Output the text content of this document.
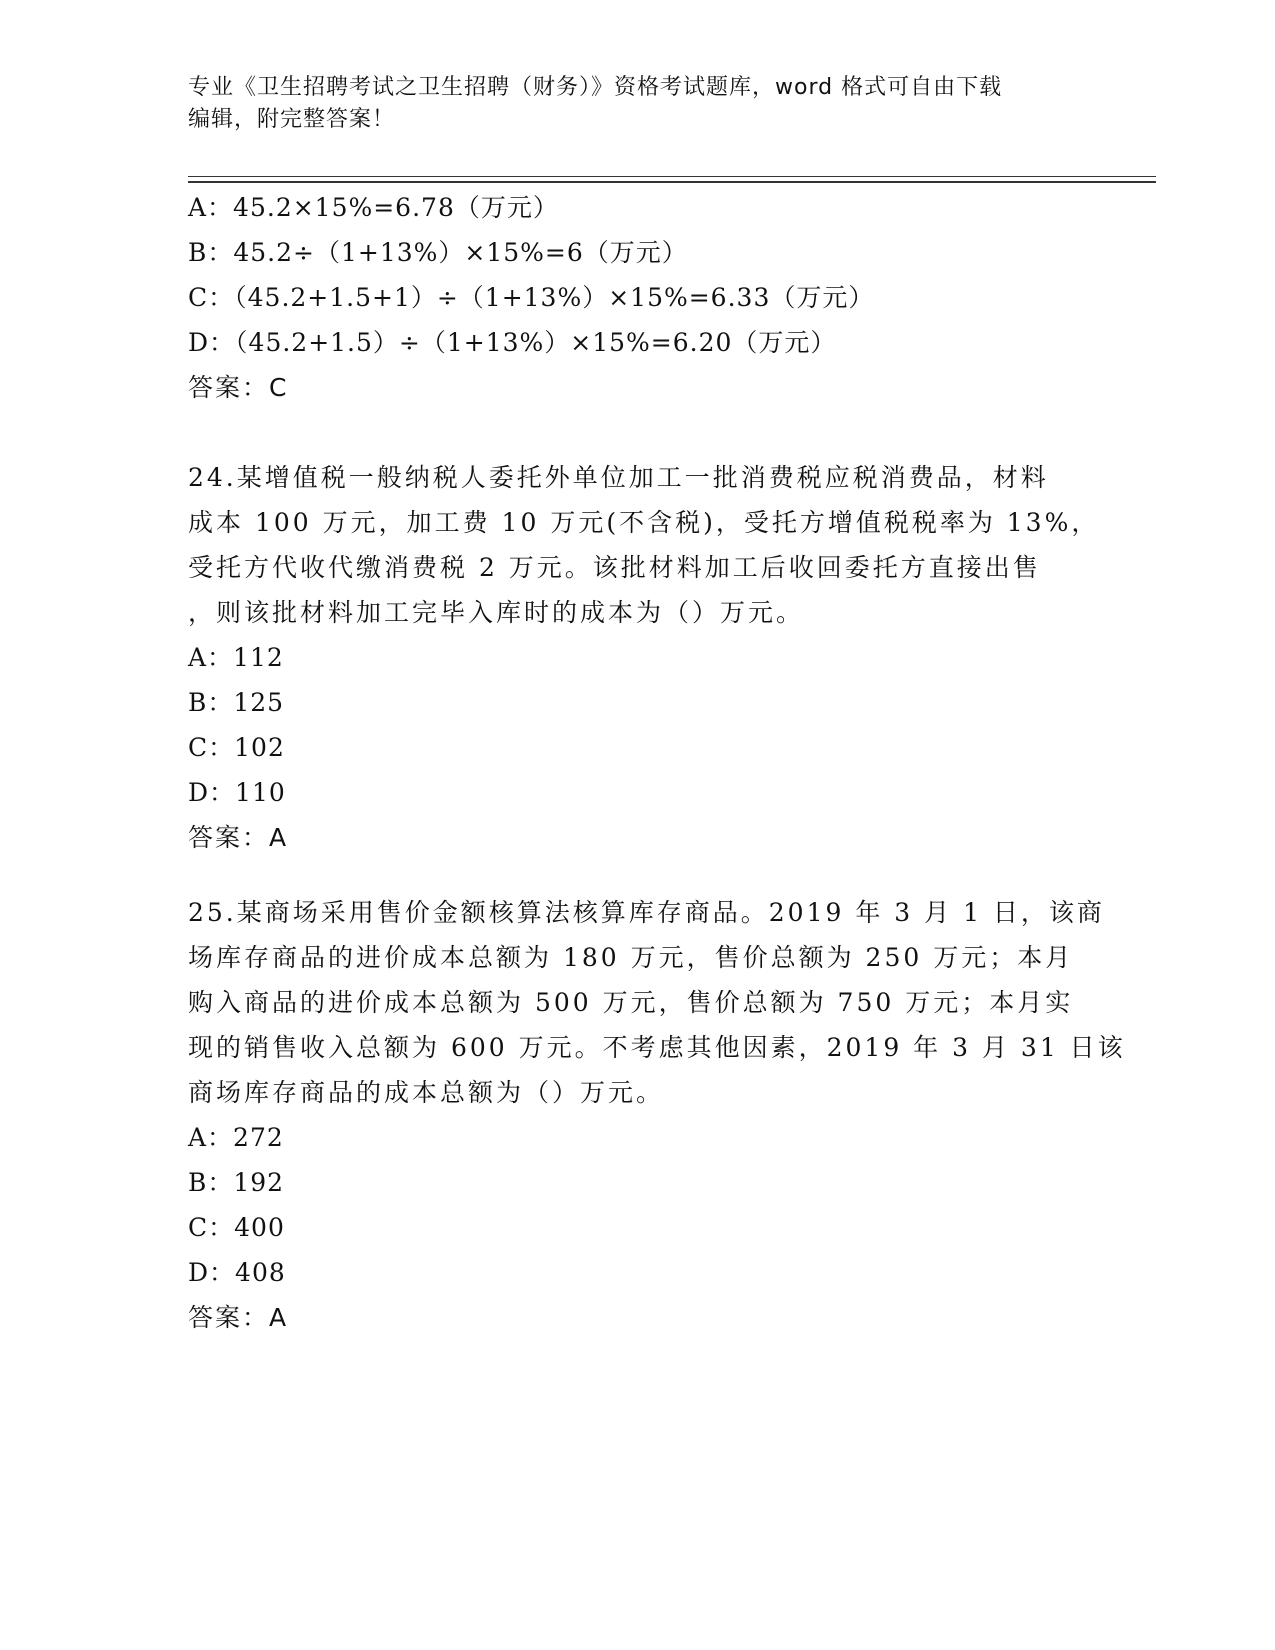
专业《卫生招聘考试之卫生招聘（财务）》资格考试题库，word 格式可自由下载
编辑，附完整答案！
A：45.2×15%=6.78（万元）
B：45.2÷（1+13%）×15%=6（万元）
C：（45.2+1.5+1）÷（1+13%）×15%=6.33（万元）
D：（45.2+1.5）÷（1+13%）×15%=6.20（万元）
答案：C
24.某增值税一般纳税人委托外单位加工一批消费税应税消费品，材料
成本 100 万元，加工费 10 万元(不含税)，受托方增值税税率为 13%，
受托方代收代缴消费税 2 万元。该批材料加工后收回委托方直接出售
，则该批材料加工完毕入库时的成本为（）万元。
A：112
B：125
C：102
D：110
答案：A
25.某商场采用售价金额核算法核算库存商品。2019 年 3 月 1 日，该商
场库存商品的进价成本总额为 180 万元，售价总额为 250 万元；本月
购入商品的进价成本总额为 500 万元，售价总额为 750 万元；本月实
现的销售收入总额为 600 万元。不考虑其他因素，2019 年 3 月 31 日该
商场库存商品的成本总额为（）万元。
A：272
B：192
C：400
D：408
答案：A
